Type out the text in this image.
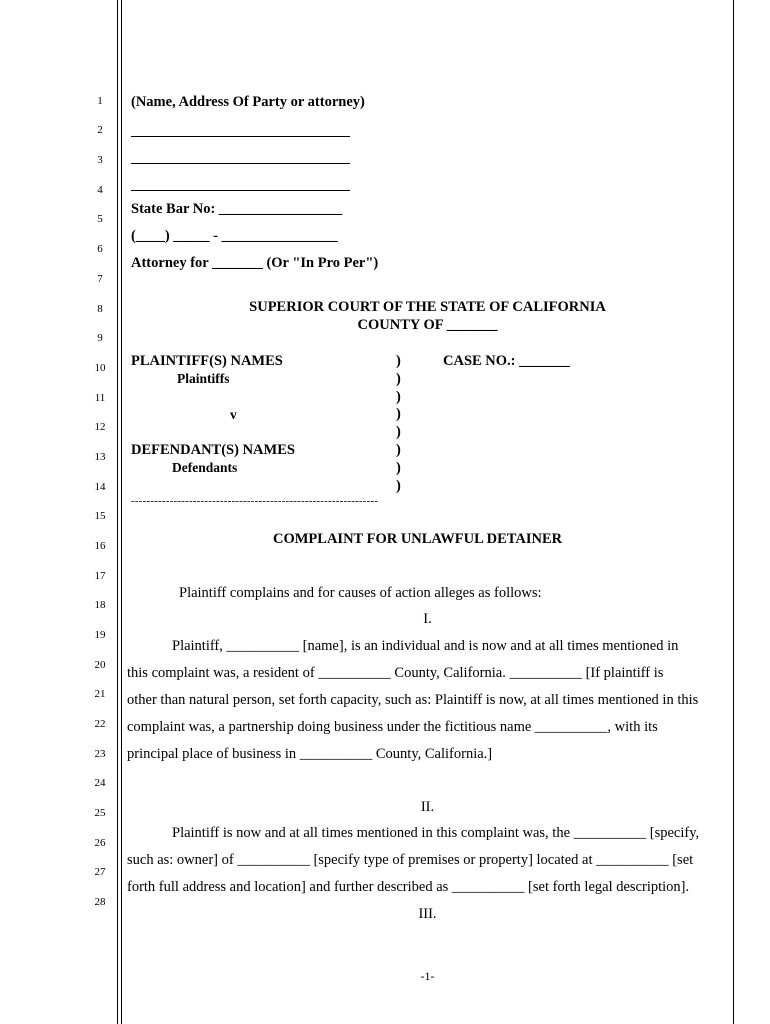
1
2
3
4
5
6
7
8
9
10
11
12
13
14
15
16
17
18
19
20
21
22
23
24
25
26
27
28
(Name, Address Of Party or attorney)
State Bar No: _________________
(____) _____ - ________________
Attorney for _______ (Or "In Pro Per")
SUPERIOR COURT OF THE STATE OF CALIFORNIA
COUNTY OF _______
PLAINTIFF(S) NAMES
Plaintiffs
v
DEFENDANT(S) NAMES
Defendants
CASE NO.: _______
)
)
)
)
)
)
)
)
----------------------------------------------------------------
COMPLAINT FOR UNLAWFUL DETAINER
Plaintiff complains and for causes of action alleges as follows:
I.
Plaintiff, __________ [name], is an individual and is now and at all times mentioned in
this complaint was, a resident of __________ County, California. __________ [If plaintiff is
other than natural person, set forth capacity, such as: Plaintiff is now, at all times mentioned in this
complaint was, a partnership doing business under the fictitious name __________, with its
principal place of business in __________ County, California.]
II.
Plaintiff is now and at all times mentioned in this complaint was, the __________ [specify,
such as: owner] of __________ [specify type of premises or property] located at __________ [set
forth full address and location] and further described as __________ [set forth legal description].
III.
-1-
